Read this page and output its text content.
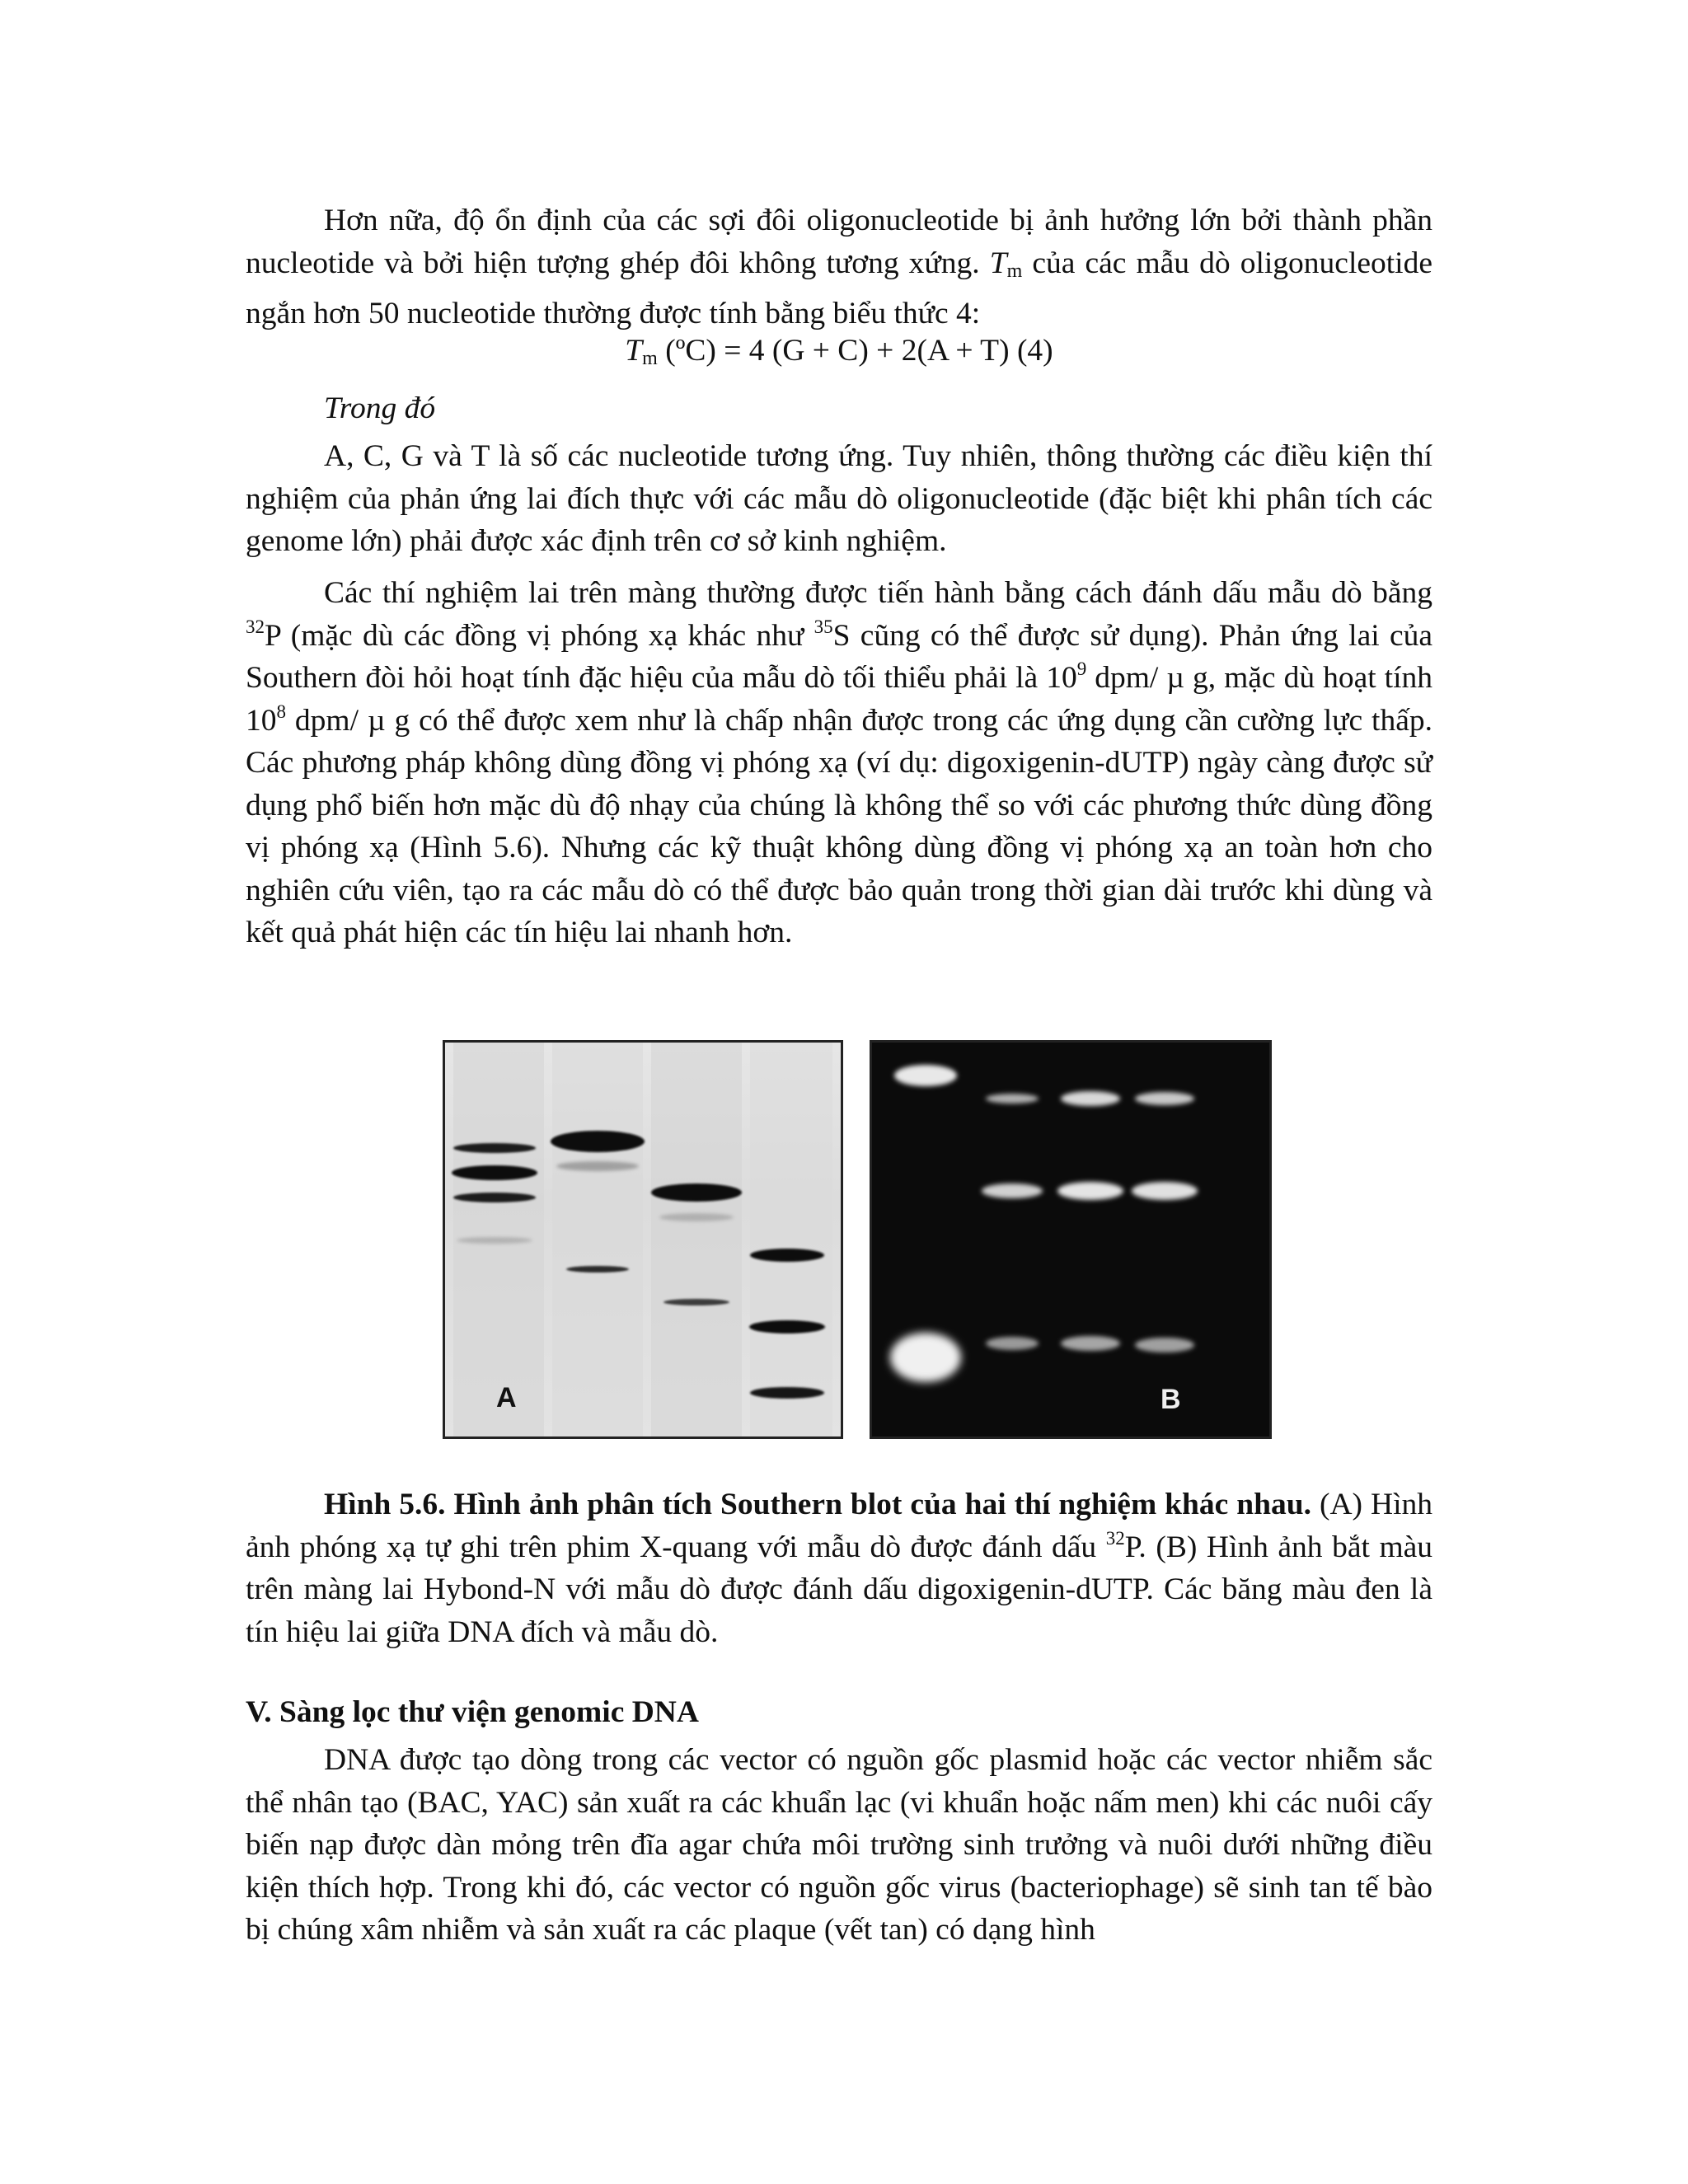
Hơn nữa, độ ổn định của các sợi đôi oligonucleotide bị ảnh hưởng lớn bởi thành phần nucleotide và bởi hiện tượng ghép đôi không tương xứng. $T_m$ của các mẫu dò oligonucleotide ngắn hơn 50 nucleotide thường được tính bằng biểu thức 4:

$T_m$ (ºC) = 4 (G + C) + 2(A + T) (4)

Trong đó

A, C, G và T là số các nucleotide tương ứng. Tuy nhiên, thông thường các điều kiện thí nghiệm của phản ứng lai đích thực với các mẫu dò oligonucleotide (đặc biệt khi phân tích các genome lớn) phải được xác định trên cơ sở kinh nghiệm.

Các thí nghiệm lai trên màng thường được tiến hành bằng cách đánh dấu mẫu dò bằng $^{32}$P (mặc dù các đồng vị phóng xạ khác như $^{35}$S cũng có thể được sử dụng). Phản ứng lai của Southern đòi hỏi hoạt tính đặc hiệu của mẫu dò tối thiểu phải là $10^9$ dpm/ µ g, mặc dù hoạt tính $10^8$ dpm/ µ g có thể được xem như là chấp nhận được trong các ứng dụng cần cường lực thấp. Các phương pháp không dùng đồng vị phóng xạ (ví dụ: digoxigenin-dUTP) ngày càng được sử dụng phổ biến hơn mặc dù độ nhạy của chúng là không thể so với các phương thức dùng đồng vị phóng xạ (Hình 5.6). Nhưng các kỹ thuật không dùng đồng vị phóng xạ an toàn hơn cho nghiên cứu viên, tạo ra các mẫu dò có thể được bảo quản trong thời gian dài trước khi dùng và kết quả phát hiện các tín hiệu lai nhanh hơn.

A	B

Hình 5.6. Hình ảnh phân tích Southern blot của hai thí nghiệm khác nhau. (A) Hình ảnh phóng xạ tự ghi trên phim X-quang với mẫu dò được đánh dấu $^{32}$P. (B) Hình ảnh bắt màu trên màng lai Hybond-N với mẫu dò được đánh dấu digoxigenin-dUTP. Các băng màu đen là tín hiệu lai giữa DNA đích và mẫu dò.

V. Sàng lọc thư viện genomic DNA

DNA được tạo dòng trong các vector có nguồn gốc plasmid hoặc các vector nhiễm sắc thể nhân tạo (BAC, YAC) sản xuất ra các khuẩn lạc (vi khuẩn hoặc nấm men) khi các nuôi cấy biến nạp được dàn mỏng trên đĩa agar chứa môi trường sinh trưởng và nuôi dưới những điều kiện thích hợp. Trong khi đó, các vector có nguồn gốc virus (bacteriophage) sẽ sinh tan tế bào bị chúng xâm nhiễm và sản xuất ra các plaque (vết tan) có dạng hình
